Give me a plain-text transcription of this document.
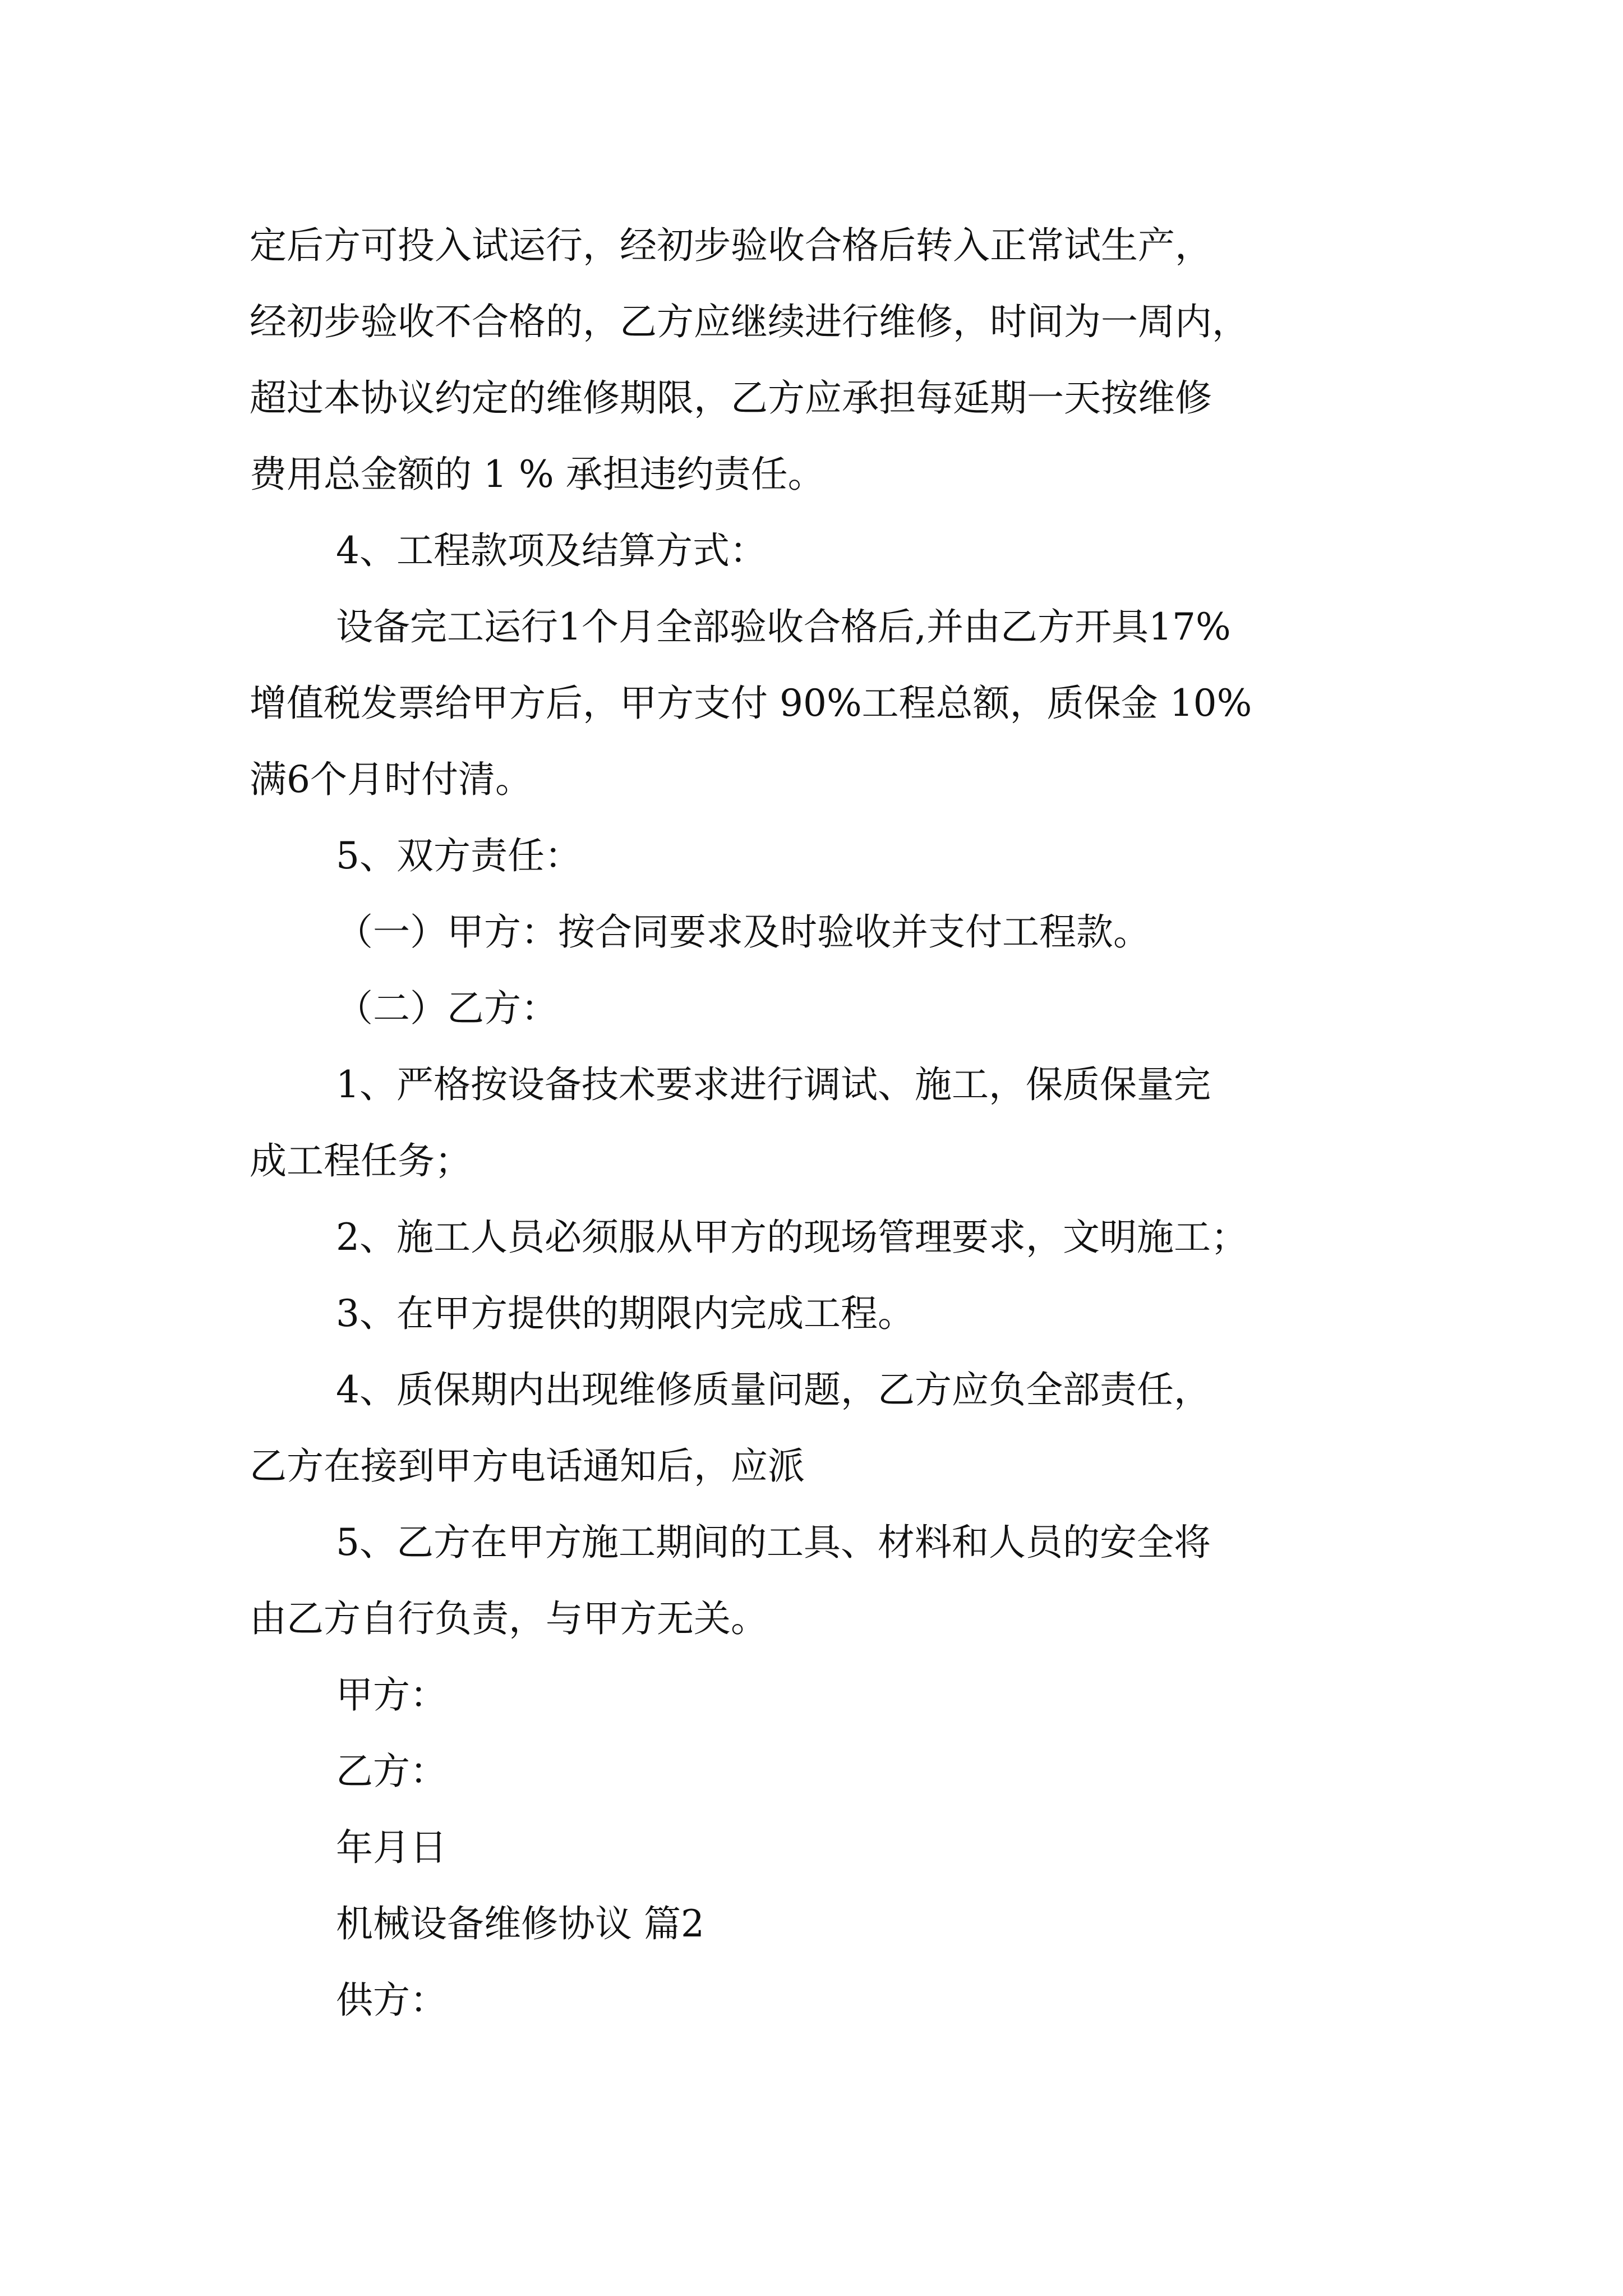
定后方可投入试运行，经初步验收合格后转入正常试生产，
经初步验收不合格的，乙方应继续进行维修，时间为一周内，
超过本协议约定的维修期限，乙方应承担每延期一天按维修
费用总金额的 1 % 承担违约责任。

4、工程款项及结算方式：

设备完工运行1个月全部验收合格后,并由乙方开具17%
增值税发票给甲方后，甲方支付 90%工程总额，质保金 10%
满6个月时付清。

5、双方责任：

（一）甲方：按合同要求及时验收并支付工程款。

（二）乙方：

1、严格按设备技术要求进行调试、施工，保质保量完
成工程任务；

2、施工人员必须服从甲方的现场管理要求，文明施工；

3、在甲方提供的期限内完成工程。

4、质保期内出现维修质量问题，乙方应负全部责任，
乙方在接到甲方电话通知后，应派

5、乙方在甲方施工期间的工具、材料和人员的安全将
由乙方自行负责，与甲方无关。

甲方：

乙方：

年月日

机械设备维修协议 篇2

供方：
